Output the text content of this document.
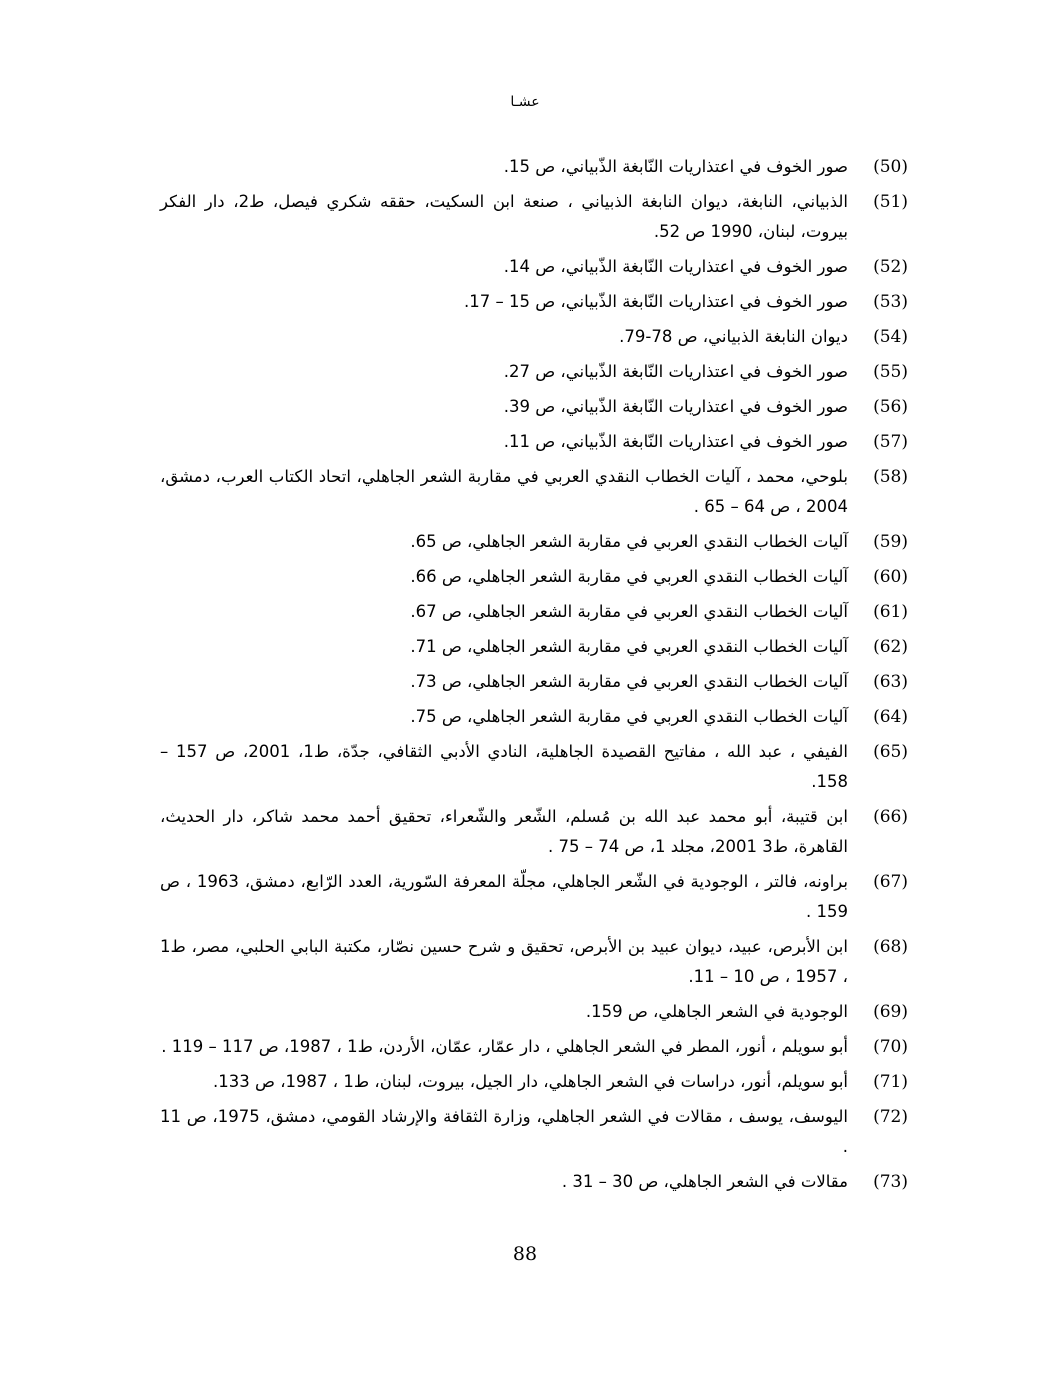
عشـا
(50)
صور الخوف في اعتذاريات النّابغة الذّبياني، ص 15.
(51)
الذبياني، النابغة، ديوان النابغة الذبياني ، صنعة ابن السكيت، حققه شكري فيصل، ط2، دار الفكر بيروت، لبنان، 1990 ص 52.
(52)
صور الخوف في اعتذاريات النّابغة الذّبياني، ص 14.
(53)
صور الخوف في اعتذاريات النّابغة الذّبياني، ص 15 – 17.
(54)
ديوان النابغة الذبياني، ص 78-79.
(55)
صور الخوف في اعتذاريات النّابغة الذّبياني، ص 27.
(56)
صور الخوف في اعتذاريات النّابغة الذّبياني، ص 39.
(57)
صور الخوف في اعتذاريات النّابغة الذّبياني، ص 11.
(58)
بلوحي، محمد ، آليات الخطاب النقدي العربي في مقاربة الشعر الجاهلي، اتحاد الكتاب العرب، دمشق، 2004 ، ص 64 – 65 .
(59)
آليات الخطاب النقدي العربي في مقاربة الشعر الجاهلي، ص 65.
(60)
آليات الخطاب النقدي العربي في مقاربة الشعر الجاهلي، ص 66.
(61)
آليات الخطاب النقدي العربي في مقاربة الشعر الجاهلي، ص 67.
(62)
آليات الخطاب النقدي العربي في مقاربة الشعر الجاهلي، ص 71.
(63)
آليات الخطاب النقدي العربي في مقاربة الشعر الجاهلي، ص 73.
(64)
آليات الخطاب النقدي العربي في مقاربة الشعر الجاهلي، ص 75.
(65)
الفيفي ، عبد الله ، مفاتيح القصيدة الجاهلية، النادي الأدبي الثقافي، جدّة، ط1، 2001، ص 157 – 158.
(66)
ابن قتيبة، أبو محمد عبد الله بن مُسلم، الشّعر والشّعراء، تحقيق أحمد محمد شاكر، دار الحديث، القاهرة، ط3 2001، مجلد 1، ص 74 – 75 .
(67)
براونه، فالتر ، الوجودية في الشّعر الجاهلي، مجلّة المعرفة السّورية، العدد الرّابع، دمشق، 1963 ، ص 159 .
(68)
ابن الأبرص، عبيد، ديوان عبيد بن الأبرص، تحقيق و شرح حسين نصّار، مكتبة البابي الحلبي، مصر، ط1 ، 1957 ، ص 10 – 11.
(69)
الوجودية في الشعر الجاهلي، ص 159.
(70)
أبو سويلم ، أنور، المطر في الشعر الجاهلي ، دار عمّار، عمّان، الأردن، ط1 ، 1987، ص 117 – 119 .
(71)
أبو سويلم، أنور، دراسات في الشعر الجاهلي، دار الجيل، بيروت، لبنان، ط1 ، 1987، ص 133.
(72)
اليوسف، يوسف ، مقالات في الشعر الجاهلي، وزارة الثقافة والإرشاد القومي، دمشق، 1975، ص 11 .
(73)
مقالات في الشعر الجاهلي، ص 30 – 31 .
88
